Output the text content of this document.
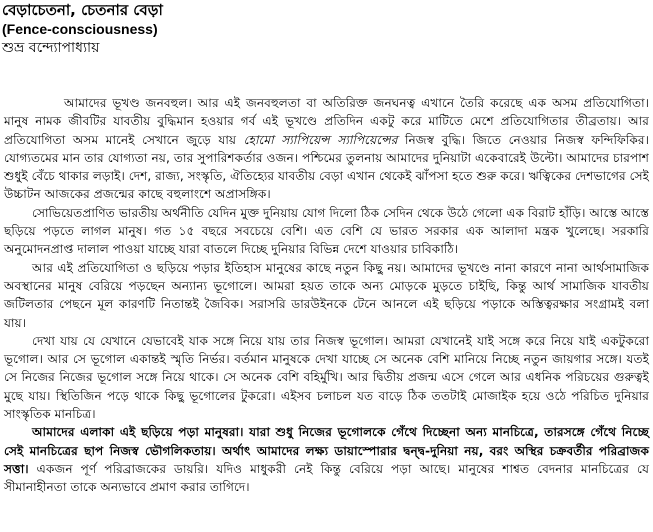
বেড়াচেতনা, চেতনার বেড়া
(Fence-consciousness)
শুভ্র বন্দ্যোপাধ্যায়

আমাদের ভূখণ্ড জনবহুল। আর এই জনবহুলতা বা অতিরিক্ত জনঘনত্ব এখানে তৈরি করেছে এক অসম প্রতিযোগিতা। মানুষ নামক জীবটির যাবতীয় বুদ্ধিমান হওয়ার গর্ব এই ভূখণ্ডে প্রতিদিন একটু করে মাটিতে মেশে প্রতিযোগিতার তীব্রতায়। আর প্রতিযোগিতা অসম মানেই সেখানে জুড়ে যায় হোমো স্যাপিয়েন্স স্যাপিয়েন্সের নিজস্ব বুদ্ধি। জিতে নেওয়ার নিজস্ব ফন্দিফিকির। যোগ্যতমের মান তার যোগ্যতা নয়, তার সুপারিশকর্তার ওজন। পশ্চিমের তুলনায় আমাদের দুনিয়াটা একেবারেই উল্টো। আমাদের চারপাশ শুধুই বেঁচে থাকার লড়াই। দেশ, রাজ্য, সংস্কৃতি, ঐতিহ্যের যাবতীয় বেড়া এখান থেকেই ঝাঁপসা হতে শুরু করে। ঋত্বিকের দেশভাগের সেই উচ্চাটন আজকের প্রজন্মের কাছে বহুলাংশে অপ্রাসঙ্গিক।

সোভিয়েতপ্রাণিত ভারতীয় অর্থনীতি যেদিন মুক্ত দুনিয়ায় যোগ দিলো ঠিক সেদিন থেকে উঠে গেলো এক বিরাট হাঁড়ি। আস্তে আস্তে ছড়িয়ে পড়তে লাগল মানুষ। গত ১৫ বছরে সবচেয়ে বেশি। এত বেশি যে ভারত সরকার এক আলাদা মন্ত্রক খুলেছে। সরকারি অনুমোদনপ্রাপ্ত দালাল পাওয়া যাচ্ছে যারা বাতলে দিচ্ছে দুনিয়ার বিভিন্ন দেশে যাওয়ার চাবিকাঠি।

আর এই প্রতিযোগিতা ও ছড়িয়ে পড়ার ইতিহাস মানুষের কাছে নতুন কিছু নয়। আমাদের ভূখণ্ডে নানা কারণে নানা আর্থসামাজিক অবস্থানের মানুষ বেরিয়ে পড়ছেন অন্যান্য ভূগোলে। আমরা হয়ত তাকে অন্য মোড়কে মুড়তে চাইছি, কিন্তু আর্থ সামাজিক যাবতীয় জটিলতার পেছনে মূল কারণটি নিতান্তই জৈবিক। সরাসরি ডারউইনকে টেনে আনলে এই ছড়িয়ে পড়াকে অস্তিত্বরক্ষার সংগ্রামই বলা যায়।

দেখা যায় যে যেখানে যেভাবেই যাক সঙ্গে নিয়ে যায় তার নিজস্ব ভূগোল। আমরা যেখানেই যাই সঙ্গে করে নিয়ে যাই একটুকরো ভূগোল। আর সে ভূগোল একান্তই স্মৃতি নির্ভর। বর্তমান মানুষকে দেখা যাচ্ছে সে অনেক বেশি মানিয়ে নিচ্ছে নতুন জায়গার সঙ্গে। যতই সে নিজের নিজের ভূগোল সঙ্গে নিয়ে থাকে। সে অনেক বেশি বহির্মুখি। আর দ্বিতীয় প্রজন্ম এসে গেলে আর এধনিক পরিচয়ের গুরুত্বই মুছে যায়। স্থিতিজিন পড়ে থাকে কিছু ভূগোলের টুকরো। এইসব চলাচল যত বাড়ে ঠিক ততটাই মোজাইক হয়ে ওঠে পরিচিত দুনিয়ার সাংস্কৃতিক মানচিত্র।

আমাদের এলাকা এই ছড়িয়ে পড়া মানুষরা। যারা শুধু নিজের ভূগোলকে গেঁথে দিচ্ছেনা অন্য মানচিত্রে, তারসঙ্গে গেঁথে নিচ্ছে সেই মানচিত্রের ছাপ নিজস্ব ভৌগলিকতায়। অর্থাৎ আমাদের লক্ষ্য ডায়াস্পোরার দ্বন্দ্ব-দুনিয়া নয়, বরং অস্থির চক্রবর্তীর পরিব্রাজক সত্তা। একজন পূর্ণ পরিব্রাজকের ডায়রি। যদিও মাধুকরী নেই কিন্তু বেরিয়ে পড়া আছে। মানুষের শাশ্বত বেদনার মানচিত্রের যে সীমানাহীনতা তাকে অন্যভাবে প্রমাণ করার তাগিদে।
